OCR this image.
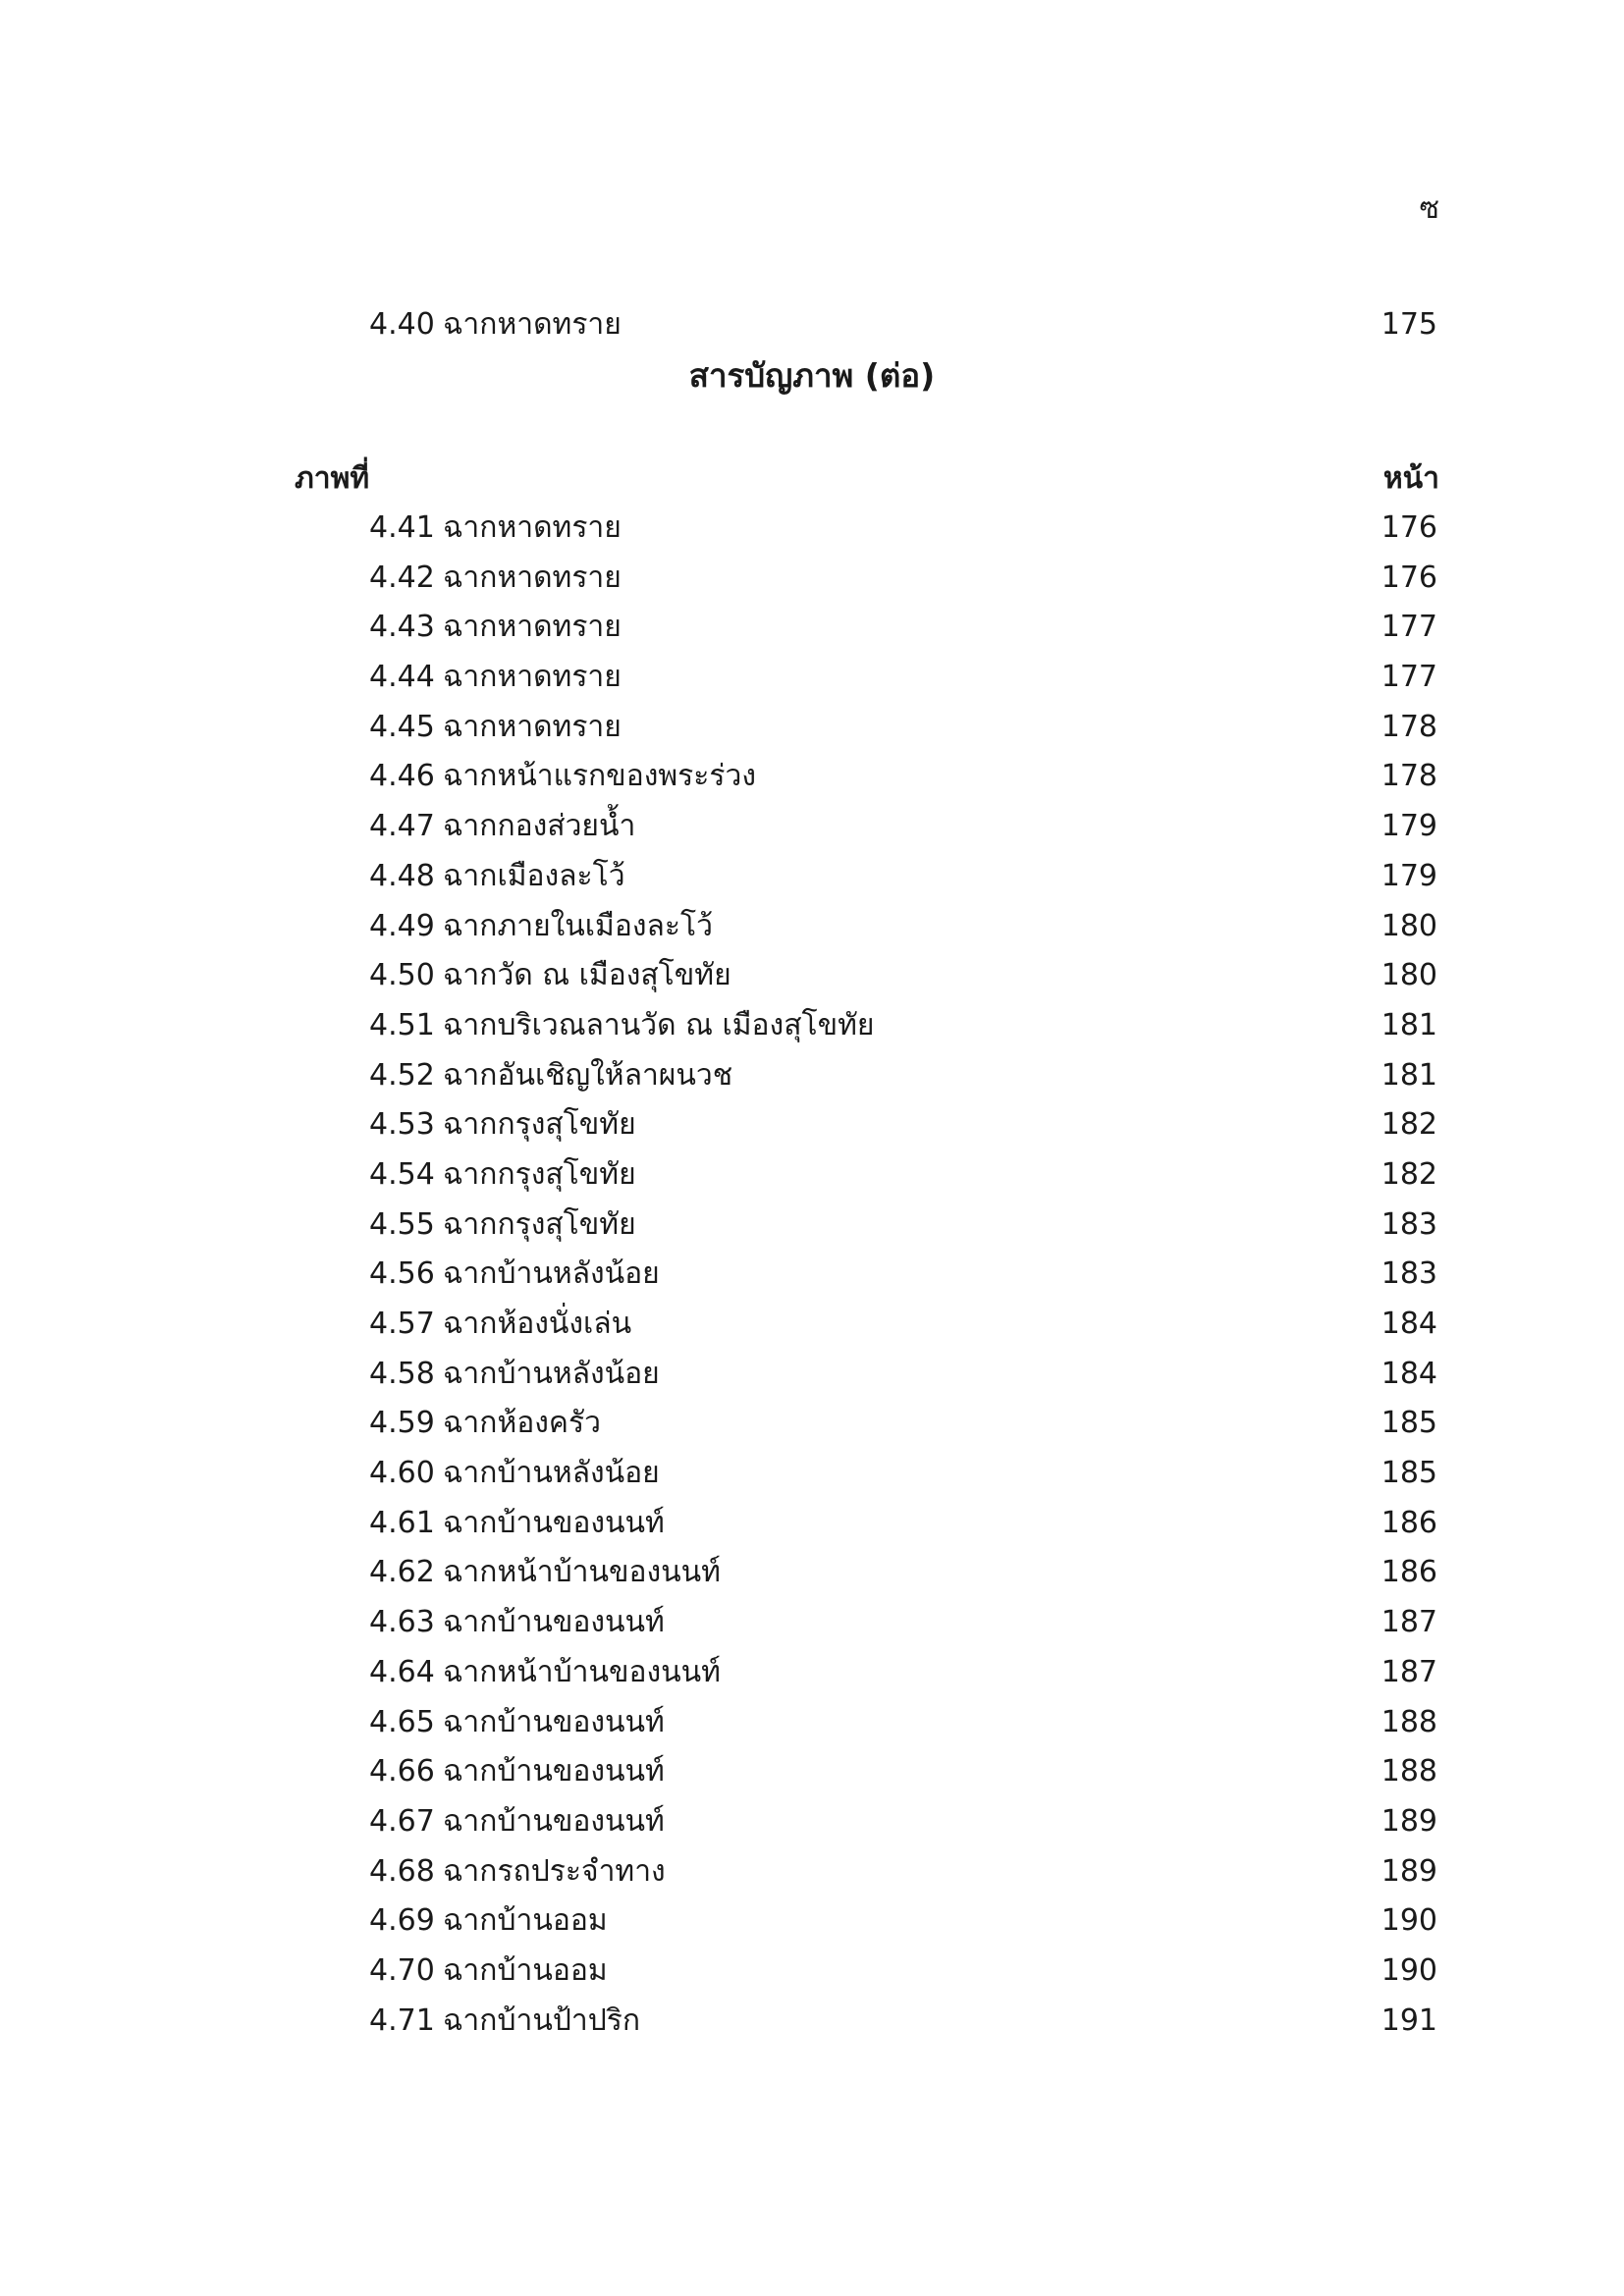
ซ
4.40 ฉากหาดทราย	175
สารบัญภาพ (ต่อ)
ภาพที่	หน้า
4.41 ฉากหาดทราย	176
4.42 ฉากหาดทราย	176
4.43 ฉากหาดทราย	177
4.44 ฉากหาดทราย	177
4.45 ฉากหาดทราย	178
4.46 ฉากหน้าแรกของพระร่วง	178
4.47 ฉากกองส่วยน้ำ	179
4.48 ฉากเมืองละโว้	179
4.49 ฉากภายในเมืองละโว้	180
4.50 ฉากวัด ณ เมืองสุโขทัย	180
4.51 ฉากบริเวณลานวัด ณ เมืองสุโขทัย	181
4.52 ฉากอันเชิญให้ลาผนวช	181
4.53 ฉากกรุงสุโขทัย	182
4.54 ฉากกรุงสุโขทัย	182
4.55 ฉากกรุงสุโขทัย	183
4.56 ฉากบ้านหลังน้อย	183
4.57 ฉากห้องนั่งเล่น	184
4.58 ฉากบ้านหลังน้อย	184
4.59 ฉากห้องครัว	185
4.60 ฉากบ้านหลังน้อย	185
4.61 ฉากบ้านของนนท์	186
4.62 ฉากหน้าบ้านของนนท์	186
4.63 ฉากบ้านของนนท์	187
4.64 ฉากหน้าบ้านของนนท์	187
4.65 ฉากบ้านของนนท์	188
4.66 ฉากบ้านของนนท์	188
4.67 ฉากบ้านของนนท์	189
4.68 ฉากรถประจำทาง	189
4.69 ฉากบ้านออม	190
4.70 ฉากบ้านออม	190
4.71 ฉากบ้านป้าปริก	191
